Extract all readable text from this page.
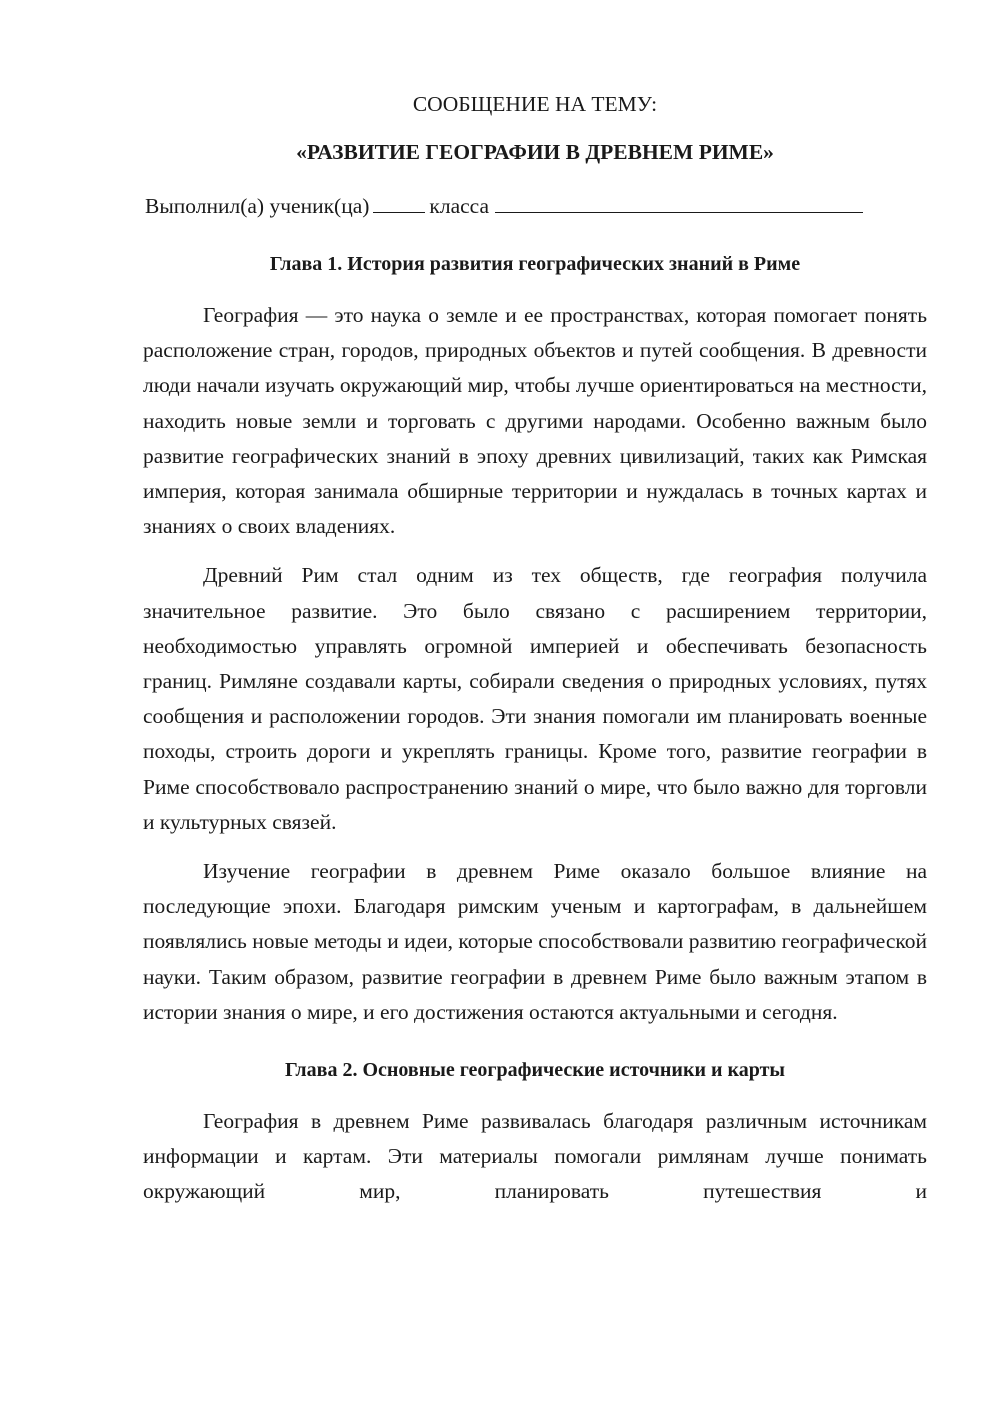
СООБЩЕНИЕ НА ТЕМУ:
«РАЗВИТИЕ ГЕОГРАФИИ В ДРЕВНЕМ РИМЕ»
Выполнил(а) ученик(ца)	класса
Глава 1. История развития географических знаний в Риме

География — это наука о земле и ее пространствах, которая помогает понять расположение стран, городов, природных объектов и путей сообщения. В древности люди начали изучать окружающий мир, чтобы лучше ориентироваться на местности, находить новые земли и торговать с другими народами. Особенно важным было развитие географических знаний в эпоху древних цивилизаций, таких как Римская империя, которая занимала обширные территории и нуждалась в точных картах и знаниях о своих владениях.

Древний Рим стал одним из тех обществ, где география получила значительное развитие. Это было связано с расширением территории, необходимостью управлять огромной империей и обеспечивать безопасность границ. Римляне создавали карты, собирали сведения о природных условиях, путях сообщения и расположении городов. Эти знания помогали им планировать военные походы, строить дороги и укреплять границы. Кроме того, развитие географии в Риме способствовало распространению знаний о мире, что было важно для торговли и культурных связей.

Изучение географии в древнем Риме оказало большое влияние на последующие эпохи. Благодаря римским ученым и картографам, в дальнейшем появлялись новые методы и идеи, которые способствовали развитию географической науки. Таким образом, развитие географии в древнем Риме было важным этапом в истории знания о мире, и его достижения остаются актуальными и сегодня.

Глава 2. Основные географические источники и карты

География в древнем Риме развивалась благодаря различным источникам информации и картам. Эти материалы помогали римлянам лучше понимать окружающий мир, планировать путешествия и
